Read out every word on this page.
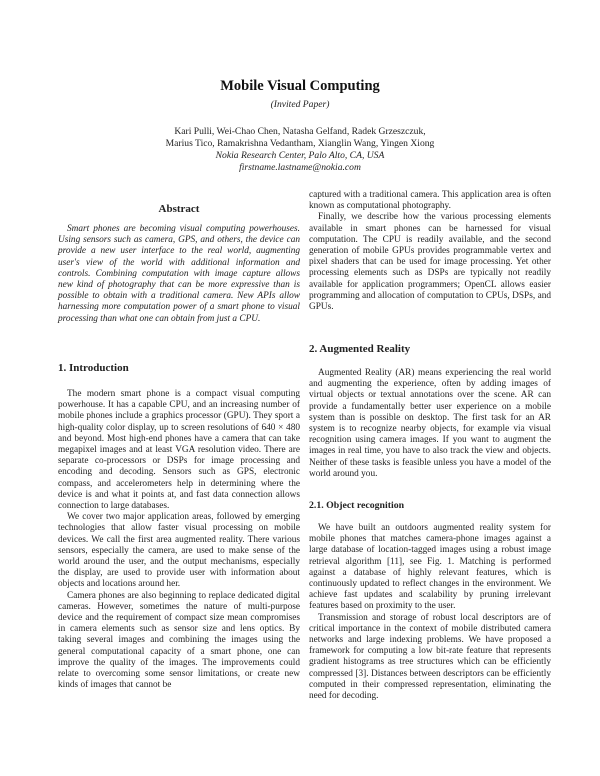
Mobile Visual Computing
(Invited Paper)
Kari Pulli, Wei-Chao Chen, Natasha Gelfand, Radek Grzeszczuk,
Marius Tico, Ramakrishna Vedantham, Xianglin Wang, Yingen Xiong
Nokia Research Center, Palo Alto, CA, USA
firstname.lastname@nokia.com
Abstract

Smart phones are becoming visual computing powerhouses. Using sensors such as camera, GPS, and others, the device can provide a new user interface to the real world, augmenting user's view of the world with additional information and controls. Combining computation with image capture allows new kind of photography that can be more expressive than is possible to obtain with a traditional camera. New APIs allow harnessing more computation power of a smart phone to visual processing than what one can obtain from just a CPU.

1. Introduction

The modern smart phone is a compact visual computing powerhouse. It has a capable CPU, and an increasing number of mobile phones include a graphics processor (GPU). They sport a high-quality color display, up to screen resolutions of 640 × 480 and beyond. Most high-end phones have a camera that can take megapixel images and at least VGA resolution video. There are separate co-processors or DSPs for image processing and encoding and decoding. Sensors such as GPS, electronic compass, and accelerometers help in determining where the device is and what it points at, and fast data connection allows connection to large databases.

We cover two major application areas, followed by emerging technologies that allow faster visual processing on mobile devices. We call the first area augmented reality. There various sensors, especially the camera, are used to make sense of the world around the user, and the output mechanisms, especially the display, are used to provide user with information about objects and locations around her.

Camera phones are also beginning to replace dedicated digital cameras. However, sometimes the nature of multi-purpose device and the requirement of compact size mean compromises in camera elements such as sensor size and lens optics. By taking several images and combining the images using the general computational capacity of a smart phone, one can improve the quality of the images. The improvements could relate to overcoming some sensor limitations, or create new kinds of images that cannot be

captured with a traditional camera. This application area is often known as computational photography.

Finally, we describe how the various processing elements available in smart phones can be harnessed for visual computation. The CPU is readily available, and the second generation of mobile GPUs provides programmable vertex and pixel shaders that can be used for image processing. Yet other processing elements such as DSPs are typically not readily available for application programmers; OpenCL allows easier programming and allocation of computation to CPUs, DSPs, and GPUs.

2. Augmented Reality

Augmented Reality (AR) means experiencing the real world and augmenting the experience, often by adding images of virtual objects or textual annotations over the scene. AR can provide a fundamentally better user experience on a mobile system than is possible on desktop. The first task for an AR system is to recognize nearby objects, for example via visual recognition using camera images. If you want to augment the images in real time, you have to also track the view and objects. Neither of these tasks is feasible unless you have a model of the world around you.

2.1. Object recognition

We have built an outdoors augmented reality system for mobile phones that matches camera-phone images against a large database of location-tagged images using a robust image retrieval algorithm [11], see Fig. 1. Matching is performed against a database of highly relevant features, which is continuously updated to reflect changes in the environment. We achieve fast updates and scalability by pruning irrelevant features based on proximity to the user.

Transmission and storage of robust local descriptors are of critical importance in the context of mobile distributed camera networks and large indexing problems. We have proposed a framework for computing a low bit-rate feature that represents gradient histograms as tree structures which can be efficiently compressed [3]. Distances between descriptors can be efficiently computed in their compressed representation, eliminating the need for decoding.
